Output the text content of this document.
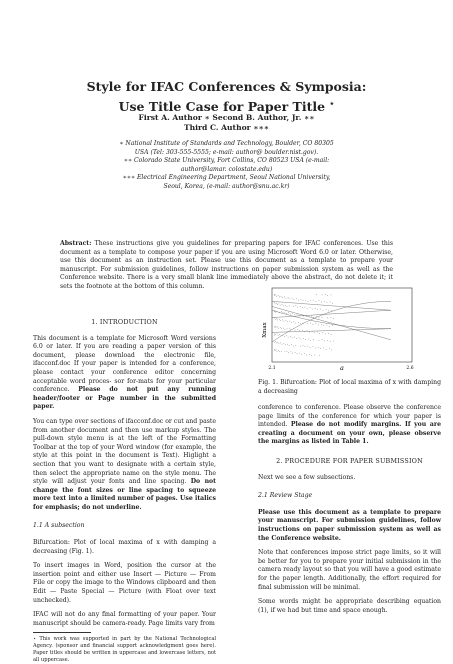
Style for IFAC Conferences & Symposia:
Use Title Case for Paper Title ⋆
First A. Author ∗ Second B. Author, Jr. ∗∗
Third C. Author ∗∗∗
∗ National Institute of Standards and Technology, Boulder, CO 80305
USA (Tel: 303-555-5555; e-mail: author@ boulder.nist.gov).
∗∗ Colorado State University, Fort Collins, CO 80523 USA (e-mail:
author@lamar. colostate.edu)
∗∗∗ Electrical Engineering Department, Seoul National University,
Seoul, Korea, (e-mail: author@snu.ac.kr)
Abstract: These instructions give you guidelines for preparing papers for IFAC conferences. Use this document as a template to compose your paper if you are using Microsoft Word 6.0 or later. Otherwise, use this document as an instruction set. Please use this document as a template to prepare your manuscript. For submission guidelines, follow instructions on paper submission system as well as the Conference website. There is a very small blank line immediately above the abstract, do not delete it; it sets the footnote at the bottom of this column.
1. INTRODUCTION

This document is a template for Microsoft Word versions 6.0 or later. If you are reading a paper version of this document, please download the electronic file, ifacconf.doc If your paper is intended for a conference, please contact your conference editor concerning acceptable word proces- sor for-mats for your particular conference. Please do not put any running header/footer or Page number in the submitted paper.

You can type over sections of ifacconf.doc or cut and paste from another document and then use markup styles. The pull-down style menu is at the left of the Formatting Toolbar at the top of your Word window (for example, the style at this point in the document is Text). Higlight a section that you want to designate with a certain style, then select the appropriate name on the style menu. The style will adjust your fonts and line spacing. Do not change the font sizes or line spacing to squeeze more text into a limited number of pages. Use italics for emphasis; do not underline.

1.1 A subsection

Bifurcation: Plot of local maxima of x with damping a decreasing (Fig. 1).

To insert images in Word, position the cursor at the insertion point and either use Insert — Picture — From File or copy the image to the Windows clipboard and then Edit — Paste Special — Picture (with Float over text unchecked).

IFAC will not do any final formatting of your paper. Your manuscript should be camera-ready. Page limits vary from

⋆ This work was supported in part by the National Technological Agency. (sponsor and financial support acknowledgment goes here). Paper titles should be written in uppercase and lowercase letters, not all uppercase.
Xmax
a
2.1	2.6
Fig. 1. Bifurcation: Plot of local maxima of x with damping a decreasing

conference to conference. Please observe the conference page limits of the conference for which your paper is intended. Please do not modify margins. If you are creating a document on your own, please observe the margins as listed in Table 1.

2. PROCEDURE FOR PAPER SUBMISSION

Next we see a few subsections.

2.1 Review Stage

Please use this document as a template to prepare your manuscript. For submission guidelines, follow instructions on paper submission system as well as the Conference website.

Note that conferences impose strict page limits, so it will be better for you to prepare your initial submission in the camera ready layout so that you will have a good estimate for the paper length. Additionally, the effort required for final submission will be minimal.

Some words might be appropriate describing equation (1), if we had but time and space enough.
